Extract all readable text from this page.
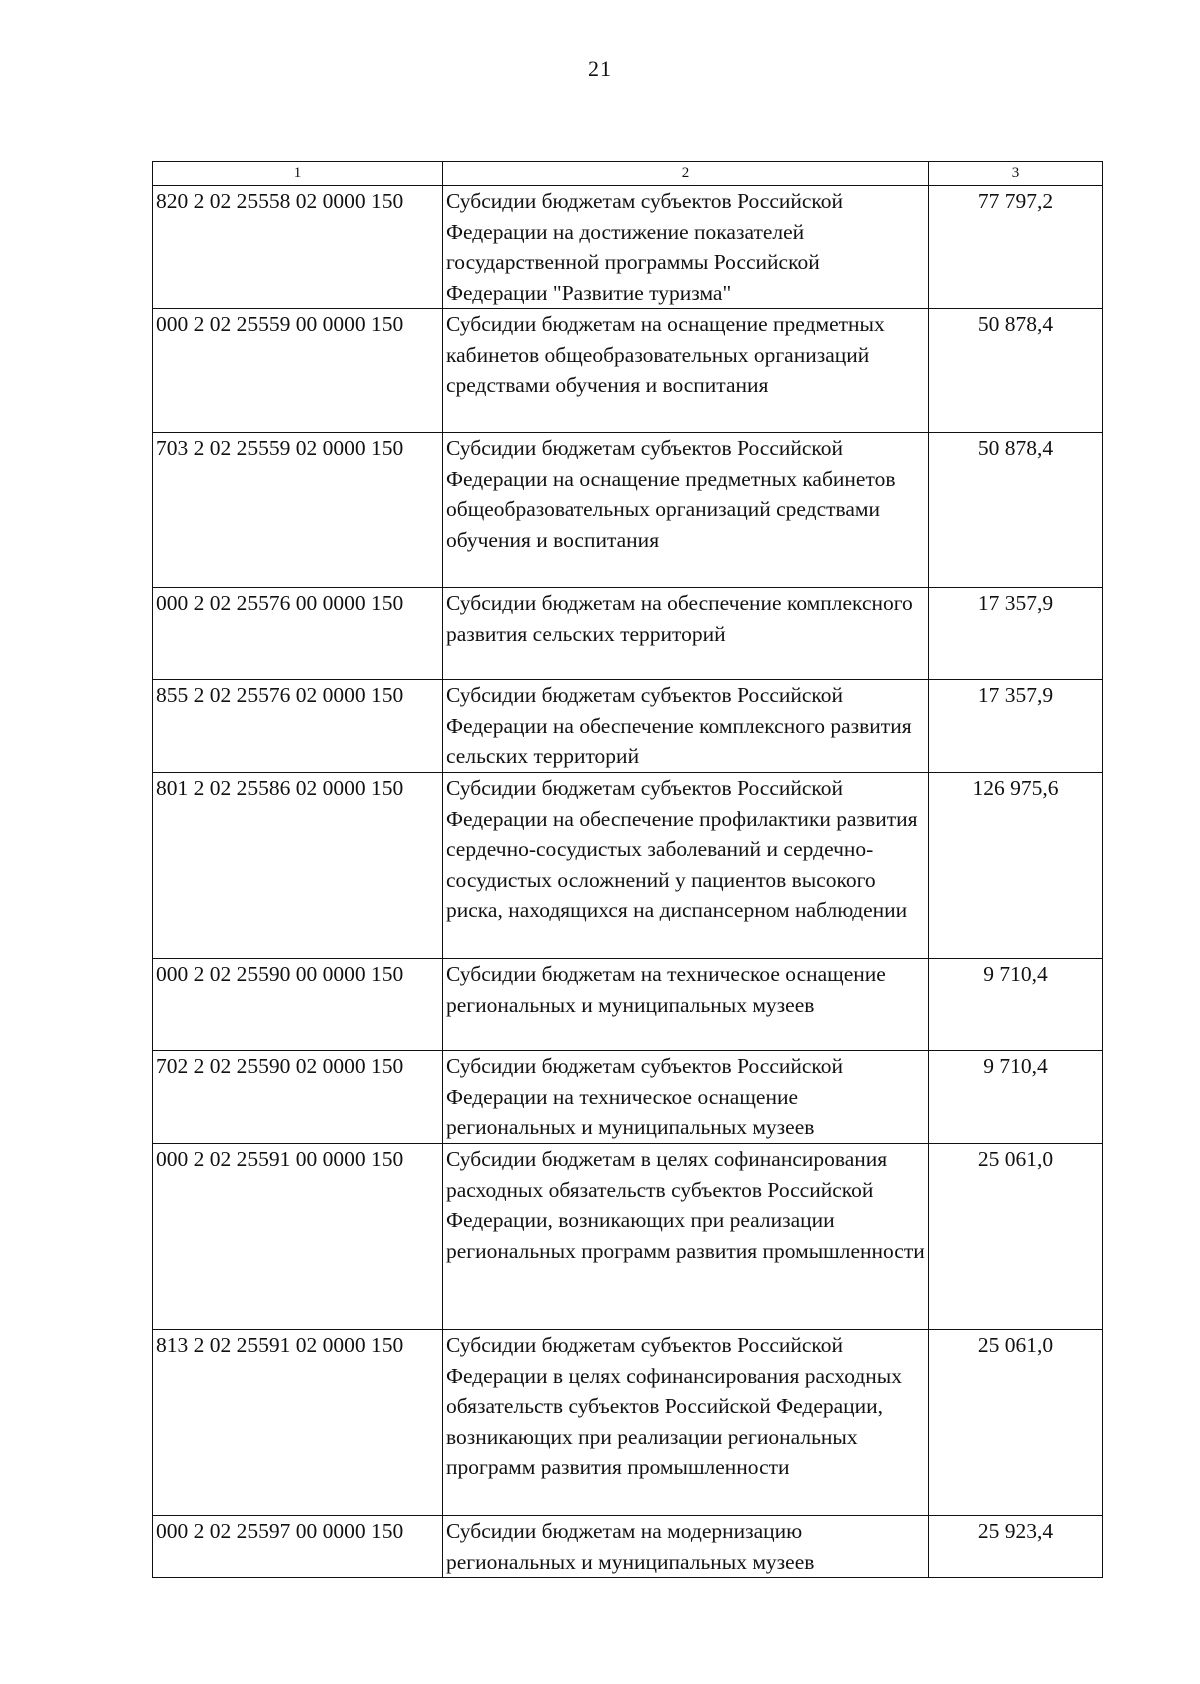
21
1	2	3
820 2 02 25558 02 0000 150	Субсидии бюджетам субъектов Российской Федерации на достижение показателей государственной программы Российской Федерации "Развитие туризма"	77 797,2
000 2 02 25559 00 0000 150	Субсидии бюджетам на оснащение предметных кабинетов общеобразовательных организаций средствами обучения и воспитания	50 878,4
703 2 02 25559 02 0000 150	Субсидии бюджетам субъектов Российской Федерации на оснащение предметных кабинетов общеобразовательных организаций средствами обучения и воспитания	50 878,4
000 2 02 25576 00 0000 150	Субсидии бюджетам на обеспечение комплексного развития сельских территорий	17 357,9
855 2 02 25576 02 0000 150	Субсидии бюджетам субъектов Российской Федерации на обеспечение комплексного развития сельских территорий	17 357,9
801 2 02 25586 02 0000 150	Субсидии бюджетам субъектов Российской Федерации на обеспечение профилактики развития сердечно-сосудистых заболеваний и сердечно-сосудистых осложнений у пациентов высокого риска, находящихся на диспансерном наблюдении	126 975,6
000 2 02 25590 00 0000 150	Субсидии бюджетам на техническое оснащение региональных и муниципальных музеев	9 710,4
702 2 02 25590 02 0000 150	Субсидии бюджетам субъектов Российской Федерации на техническое оснащение региональных и муниципальных музеев	9 710,4
000 2 02 25591 00 0000 150	Субсидии бюджетам в целях софинансирования расходных обязательств субъектов Российской Федерации, возникающих при реализации региональных программ развития промышленности	25 061,0
813 2 02 25591 02 0000 150	Субсидии бюджетам субъектов Российской Федерации в целях софинансирования расходных обязательств субъектов Российской Федерации, возникающих при реализации региональных программ развития промышленности	25 061,0
000 2 02 25597 00 0000 150	Субсидии бюджетам на модернизацию региональных и муниципальных музеев	25 923,4
